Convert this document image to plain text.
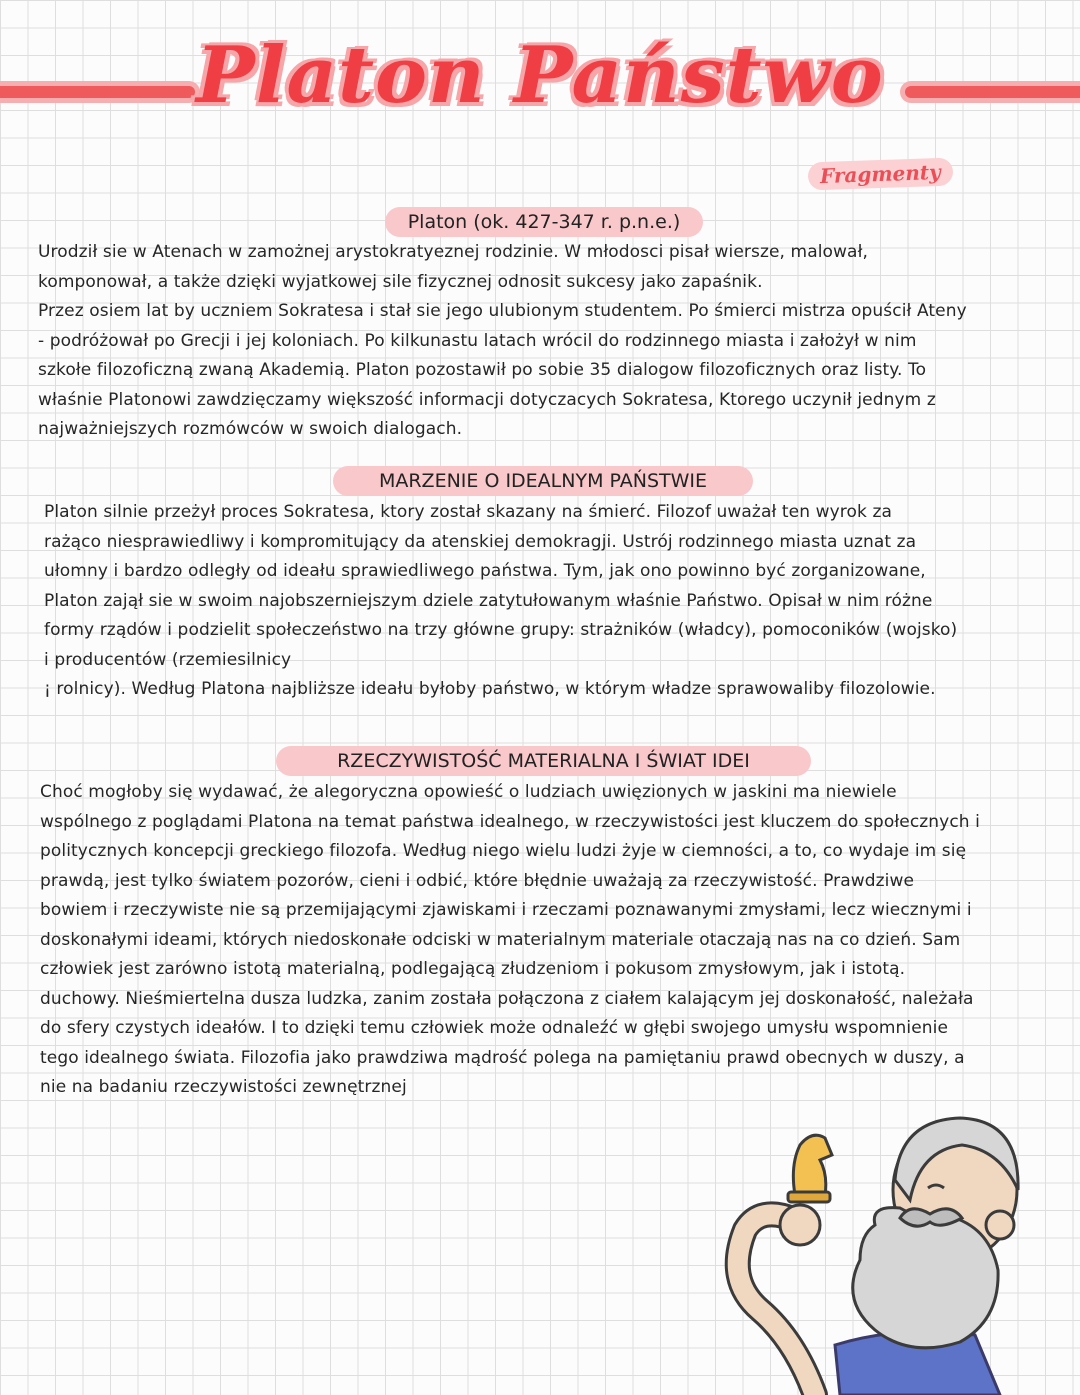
Platon Państwo
Fragmenty
Platon (ok. 427-347 r. p.n.e.)
Urodził sie w Atenach w zamożnej arystokratyeznej rodzinie. W młodosci pisał wiersze, malował,
komponował, a także dzięki wyjatkowej sile fizycznej odnosit sukcesy jako zapaśnik.
Przez osiem lat by uczniem Sokratesa i stał sie jego ulubionym studentem. Po śmierci mistrza opuścił Ateny
- podróżował po Grecji i jej koloniach. Po kilkunastu latach wrócil do rodzinnego miasta i założył w nim
szkołe filozoficzną zwaną Akademią. Platon pozostawił po sobie 35 dialogow filozoficznych oraz listy. To
właśnie Platonowi zawdzięczamy większość informacji dotyczacych Sokratesa, Ktorego uczynił jednym z
najważniejszych rozmówców w swoich dialogach.
MARZENIE O IDEALNYM PAŃSTWIE
Platon silnie przeżył proces Sokratesa, ktory został skazany na śmierć. Filozof uważał ten wyrok za
rażąco niesprawiedliwy i kompromitujący da atenskiej demokragji. Ustrój rodzinnego miasta uznat za
ułomny i bardzo odległy od ideału sprawiedliwego państwa. Tym, jak ono powinno być zorganizowane,
Platon zajął sie w swoim najobszerniejszym dziele zatytułowanym właśnie Państwo. Opisał w nim różne
formy rządów i podzielit społeczeństwo na trzy główne grupy: strażników (władcy), pomoconików (wojsko)
i producentów (rzemiesilnicy
¡ rolnicy). Według Platona najbliższe ideału byłoby państwo, w którym władze sprawowaliby filozolowie.
RZECZYWISTOŚĆ MATERIALNA I ŚWIAT IDEI
Choć mogłoby się wydawać, że alegoryczna opowieść o ludziach uwięzionych w jaskini ma niewiele
wspólnego z poglądami Platona na temat państwa idealnego, w rzeczywistości jest kluczem do społecznych i
politycznych koncepcji greckiego filozofa. Według niego wielu ludzi żyje w ciemności, a to, co wydaje im się
prawdą, jest tylko światem pozorów, cieni i odbić, które błędnie uważają za rzeczywistość. Prawdziwe
bowiem i rzeczywiste nie są przemijającymi zjawiskami i rzeczami poznawanymi zmysłami, lecz wiecznymi i
doskonałymi ideami, których niedoskonałe odciski w materialnym materiale otaczają nas na co dzień. Sam
człowiek jest zarówno istotą materialną, podlegającą złudzeniom i pokusom zmysłowym, jak i istotą.
duchowy. Nieśmiertelna dusza ludzka, zanim została połączona z ciałem kalającym jej doskonałość, należała
do sfery czystych ideałów. I to dzięki temu człowiek może odnaleźć w głębi swojego umysłu wspomnienie
tego idealnego świata. Filozofia jako prawdziwa mądrość polega na pamiętaniu prawd obecnych w duszy, a
nie na badaniu rzeczywistości zewnętrznej
